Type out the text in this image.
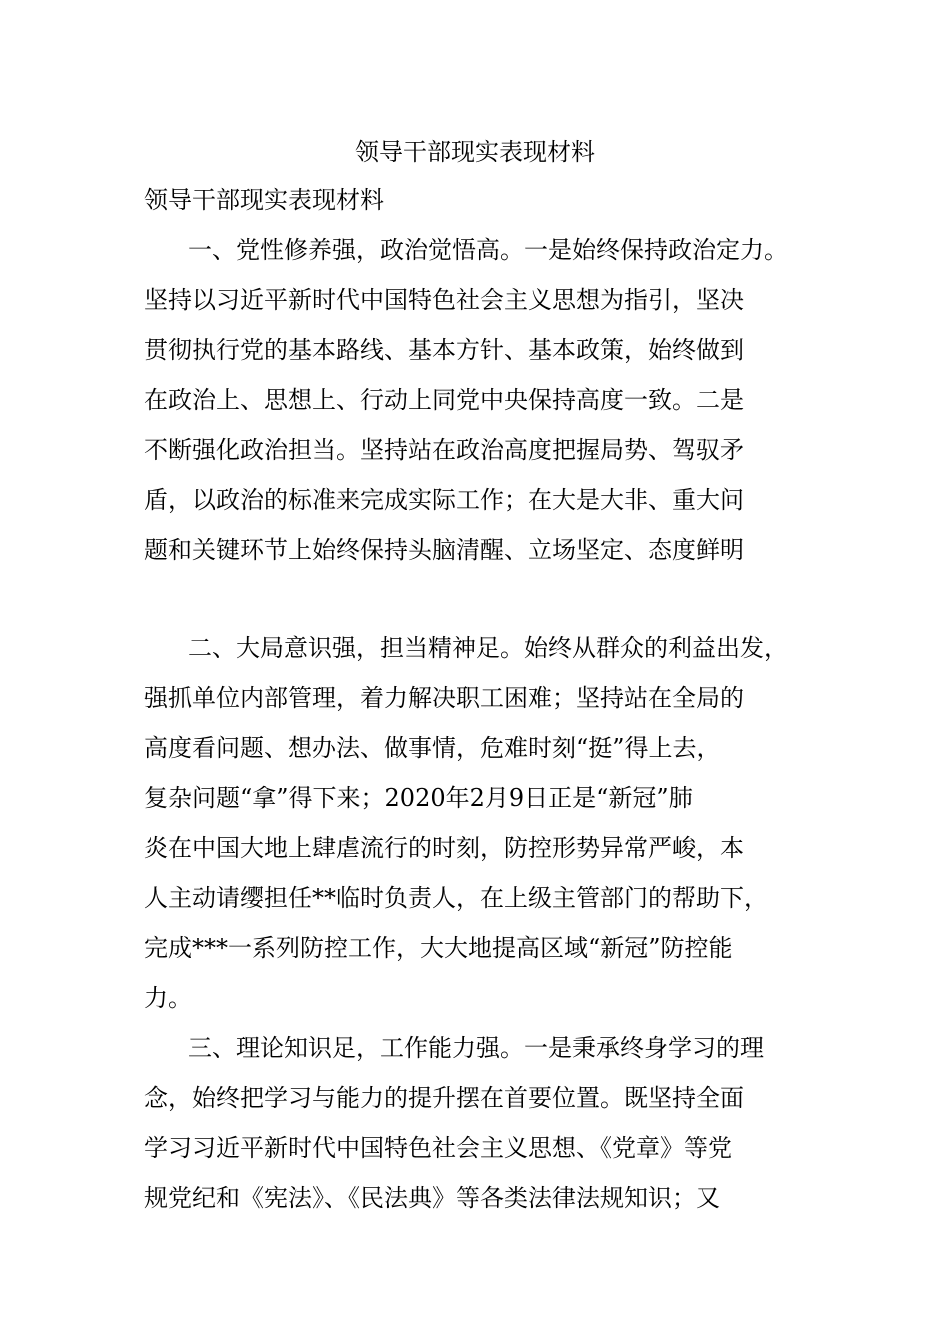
领导干部现实表现材料

领导干部现实表现材料

一、党性修养强，政治觉悟高。一是始终保持政治定力。

坚持以习近平新时代中国特色社会主义思想为指引，坚决

贯彻执行党的基本路线、基本方针、基本政策，始终做到

在政治上、思想上、行动上同党中央保持高度一致。二是

不断强化政治担当。坚持站在政治高度把握局势、驾驭矛

盾，以政治的标准来完成实际工作；在大是大非、重大问

题和关键环节上始终保持头脑清醒、立场坚定、态度鲜明

二、大局意识强，担当精神足。始终从群众的利益出发，

强抓单位内部管理，着力解决职工困难；坚持站在全局的

高度看问题、想办法、做事情，危难时刻“挺”得上去，

复杂问题“拿”得下来；2020年2月9日正是“新冠”肺

炎在中国大地上肆虐流行的时刻，防控形势异常严峻，本

人主动请缨担任**临时负责人，在上级主管部门的帮助下，

完成***一系列防控工作，大大地提高区域“新冠”防控能

力。

三、理论知识足，工作能力强。一是秉承终身学习的理

念，始终把学习与能力的提升摆在首要位置。既坚持全面

学习习近平新时代中国特色社会主义思想、《党章》等党

规党纪和《宪法》、《民法典》等各类法律法规知识；又
